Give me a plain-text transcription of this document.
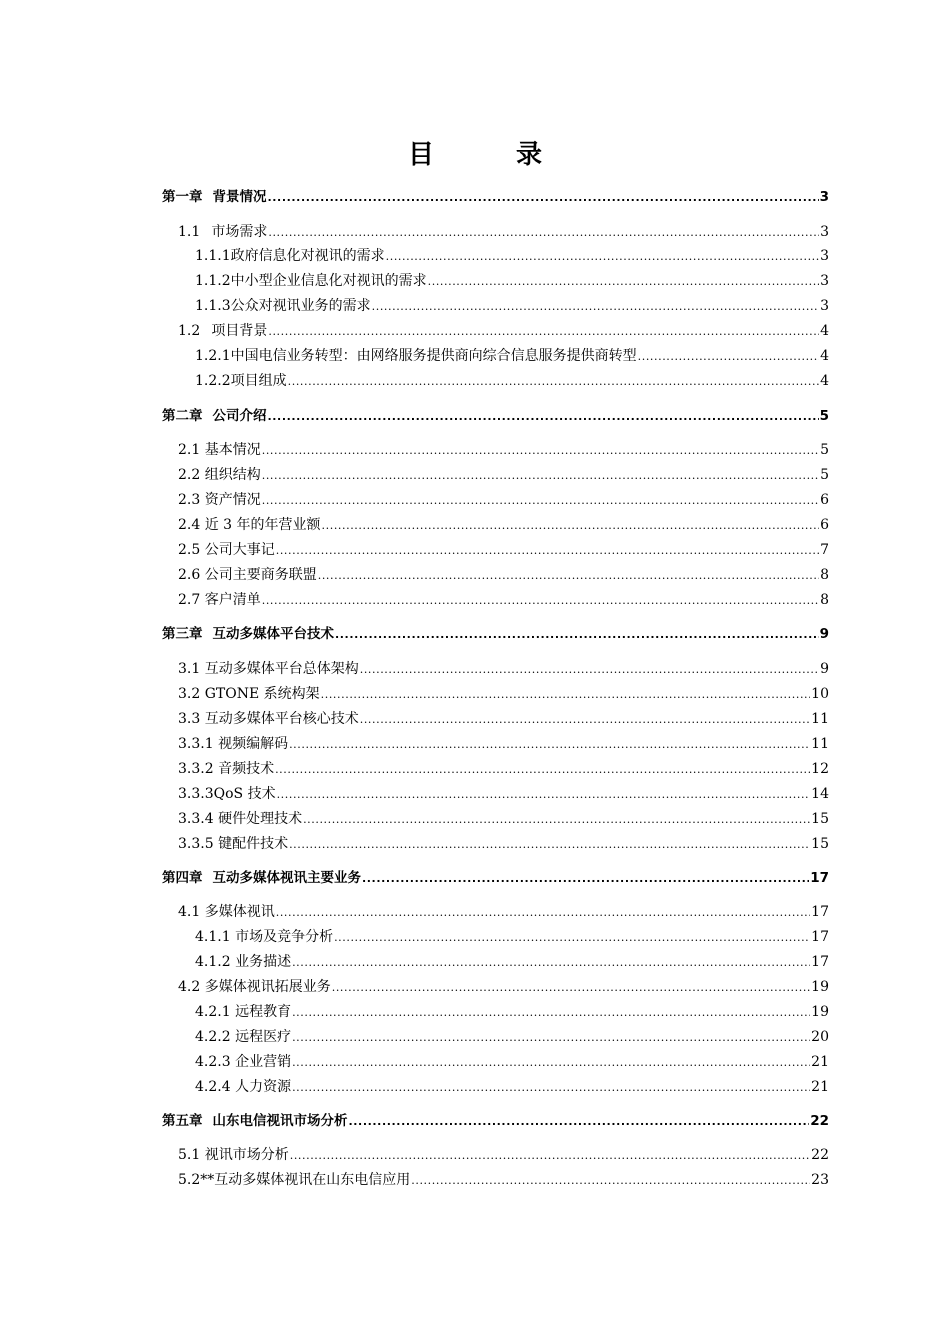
目　录
第一章 背景情况 .....	3
1.1 市场需求 .....	3
1.1.1 政府信息化对视讯的需求 .....	3
1.1.2 中小型企业信息化对视讯的需求 .....	3
1.1.3 公众对视讯业务的需求 .....	3
1.2 项目背景 .....	4
1.2.1 中国电信业务转型：由网络服务提供商向综合信息服务提供商转型 .....	4
1.2.2 项目组成 .....	4
第二章 公司介绍 .....	5
2.1 基本情况 .....	5
2.2 组织结构 .....	5
2.3 资产情况 .....	6
2.4 近 3 年的年营业额 .....	6
2.5 公司大事记 .....	7
2.6 公司主要商务联盟 .....	8
2.7 客户清单 .....	8
第三章 互动多媒体平台技术 .....	9
3.1 互动多媒体平台总体架构 .....	9
3.2 GTONE 系统构架 .....	10
3.3 互动多媒体平台核心技术 .....	11
3.3.1 视频编解码 .....	11
3.3.2 音频技术 .....	12
3.3.3QoS 技术 .....	14
3.3.4 硬件处理技术 .....	15
3.3.5 键配件技术 .....	15
第四章 互动多媒体视讯主要业务 .....	17
4.1 多媒体视讯 .....	17
4.1.1 市场及竞争分析 .....	17
4.1.2 业务描述 .....	17
4.2 多媒体视讯拓展业务 .....	19
4.2.1 远程教育 .....	19
4.2.2 远程医疗 .....	20
4.2.3 企业营销 .....	21
4.2.4 人力资源 .....	21
第五章 山东电信视讯市场分析 .....	22
5.1 视讯市场分析 .....	22
5.2**互动多媒体视讯在山东电信应用 .....	23
